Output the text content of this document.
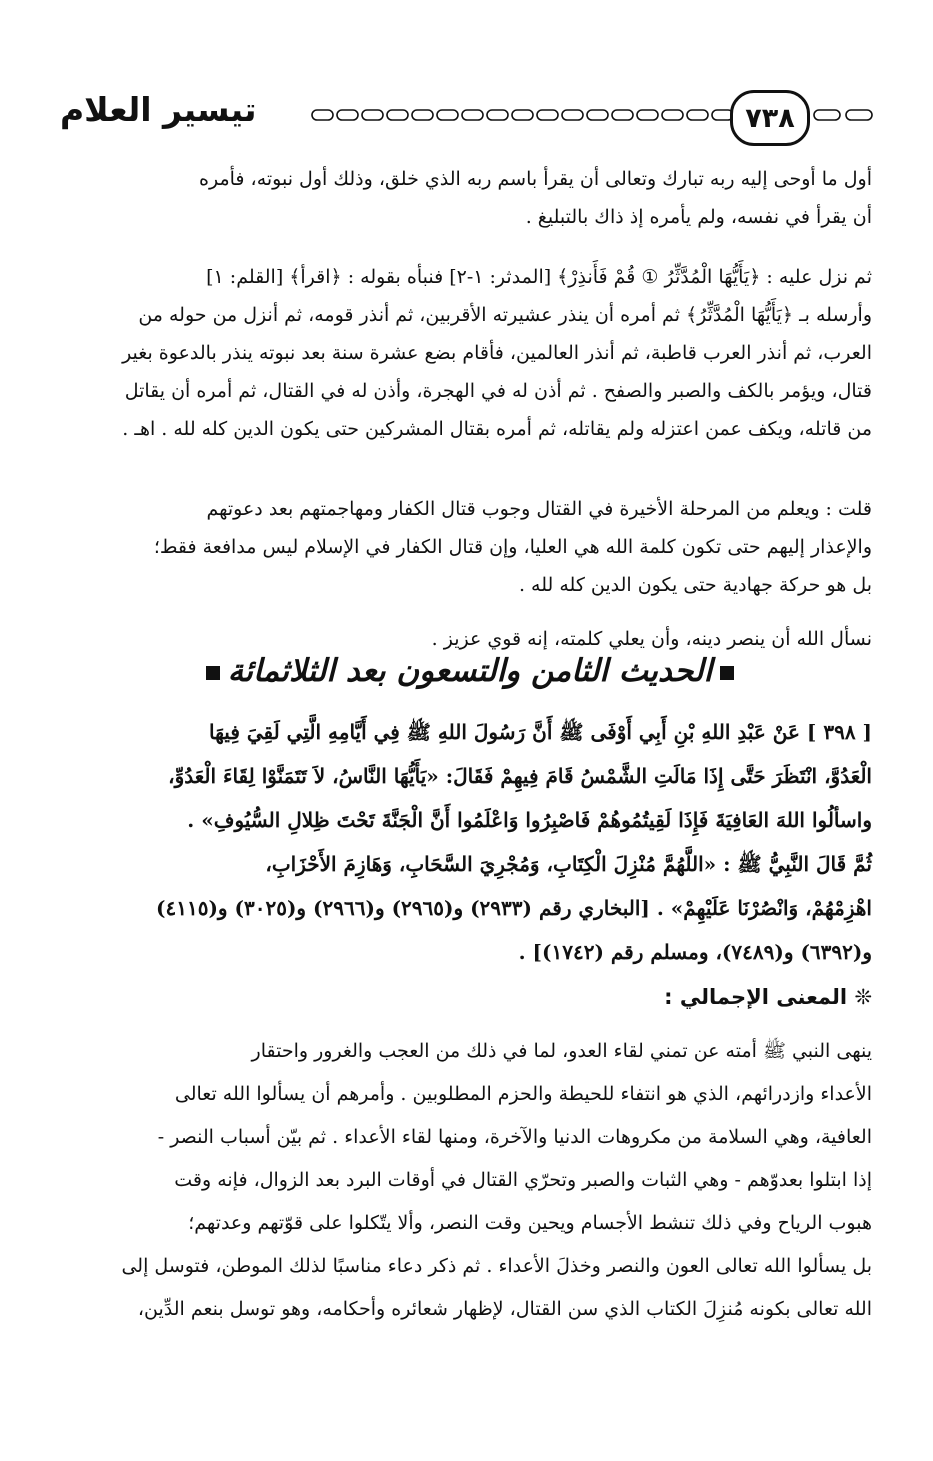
تيسير العلام	٧٣٨
أول ما أوحى إليه ربه تبارك وتعالى أن يقرأ باسم ربه الذي خلق، وذلك أول نبوته، فأمره
أن يقرأ في نفسه، ولم يأمره إذ ذاك بالتبليغ .
ثم نزل عليه : ﴿يَأَيُّهَا الْمُدَّثِّرُ ① قُمْ فَأَنذِرْ﴾ [المدثر: ١-٢] فنبأه بقوله : ﴿اقرأ﴾ [القلم: ١]
وأرسله بـ ﴿يَأَيُّهَا الْمُدَّثِّرُ﴾ ثم أمره أن ينذر عشيرته الأقربين، ثم أنذر قومه، ثم أنزل من حوله من
العرب، ثم أنذر العرب قاطبة، ثم أنذر العالمين، فأقام بضع عشرة سنة بعد نبوته ينذر بالدعوة بغير
قتال، ويؤمر بالكف والصبر والصفح . ثم أذن له في الهجرة، وأذن له في القتال، ثم أمره أن يقاتل
من قاتله، ويكف عمن اعتزله ولم يقاتله، ثم أمره بقتال المشركين حتى يكون الدين كله لله . اهـ .
قلت : ويعلم من المرحلة الأخيرة في القتال وجوب قتال الكفار ومهاجمتهم بعد دعوتهم
والإعذار إليهم حتى تكون كلمة الله هي العليا، وإن قتال الكفار في الإسلام ليس مدافعة فقط؛
بل هو حركة جهادية حتى يكون الدين كله لله .
نسأل الله أن ينصر دينه، وأن يعلي كلمته، إنه قوي عزيز .
الحديث الثامن والتسعون بعد الثلاثمائة
[ ٣٩٨ ] عَنْ عَبْدِ اللهِ بْنِ أَبِي أَوْفَى ﷺ أَنَّ رَسُولَ اللهِ ﷺ فِي أَيَّامِهِ الَّتِي لَقِيَ فِيهَا
الْعَدُوَّ، انْتَظَرَ حَتَّى إِذَا مَالَتِ الشَّمْسُ قَامَ فِيهِمْ فَقَالَ: «يَأَيُّهَا النَّاسُ، لاَ تَتَمَنَّوْا لِقَاءَ الْعَدُوِّ،
واسألُوا اللهَ العَافِيَةَ فَإِذَا لَقِيتُمُوهُمْ فَاصْبِرُوا وَاعْلَمُوا أَنَّ الْجَنَّةَ تَحْتَ ظِلالِ السُّيُوفِ» .
ثُمَّ قَالَ النَّبِيُّ ﷺ : «اللَّهُمَّ مُنْزِلَ الْكِتَابِ، وَمُجْرِيَ السَّحَابِ، وَهَازِمَ الأَحْزَابِ،
اهْزِمْهُمْ، وَانْصُرْنَا عَلَيْهِمْ» . [البخاري رقم (٢٩٣٣) و(٢٩٦٥) و(٢٩٦٦) و(٣٠٢٥) و(٤١١٥)
و(٦٣٩٢) و(٧٤٨٩)، ومسلم رقم (١٧٤٢)] .
❊ المعنى الإجمالي :
ينهى النبي ﷺ أمته عن تمني لقاء العدو، لما في ذلك من العجب والغرور واحتقار
الأعداء وازدرائهم، الذي هو انتفاء للحيطة والحزم المطلوبين . وأمرهم أن يسألوا الله تعالى
العافية، وهي السلامة من مكروهات الدنيا والآخرة، ومنها لقاء الأعداء . ثم بيّن أسباب النصر -
إذا ابتلوا بعدوّهم - وهي الثبات والصبر وتحرّي القتال في أوقات البرد بعد الزوال، فإنه وقت
هبوب الرياح وفي ذلك تنشط الأجسام ويحين وقت النصر، وألا يتّكلوا على قوّتهم وعدتهم؛
بل يسألوا الله تعالى العون والنصر وخذلَ الأعداء . ثم ذكر دعاء مناسبًا لذلك الموطن، فتوسل إلى
الله تعالى بكونه مُنزِلَ الكتاب الذي سن القتال، لإظهار شعائره وأحكامه، وهو توسل بنعم الدِّين،
